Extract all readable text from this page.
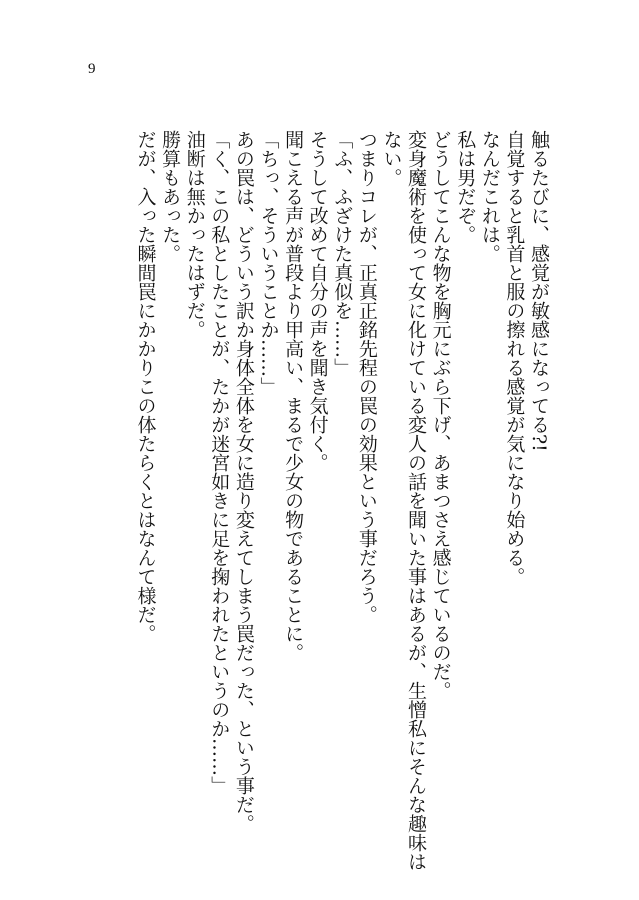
9

触るたびに、感覚が敏感になってる?!

自覚すると乳首と服の擦れる感覚が気になり始める。

なんだこれは。

私は男だぞ。

どうしてこんな物を胸元にぶら下げ、あまつさえ感じているのだ。

変身魔術を使って女に化けている変人の話を聞いた事はあるが、生憎私にそんな趣味は

ない。

つまりコレが、正真正銘先程の罠の効果という事だろう。

「ふ、ふざけた真似を……」

そうして改めて自分の声を聞き気付く。

聞こえる声が普段より甲高い、まるで少女の物であることに。

「ちっ、そういうことか……」

あの罠は、どういう訳か身体全体を女に造り変えてしまう罠だった、という事だ。

「く、この私としたことが、たかが迷宮如きに足を掬われたというのか……」

油断は無かったはずだ。

勝算もあった。

だが、入った瞬間罠にかかりこの体たらくとはなんて様だ。
